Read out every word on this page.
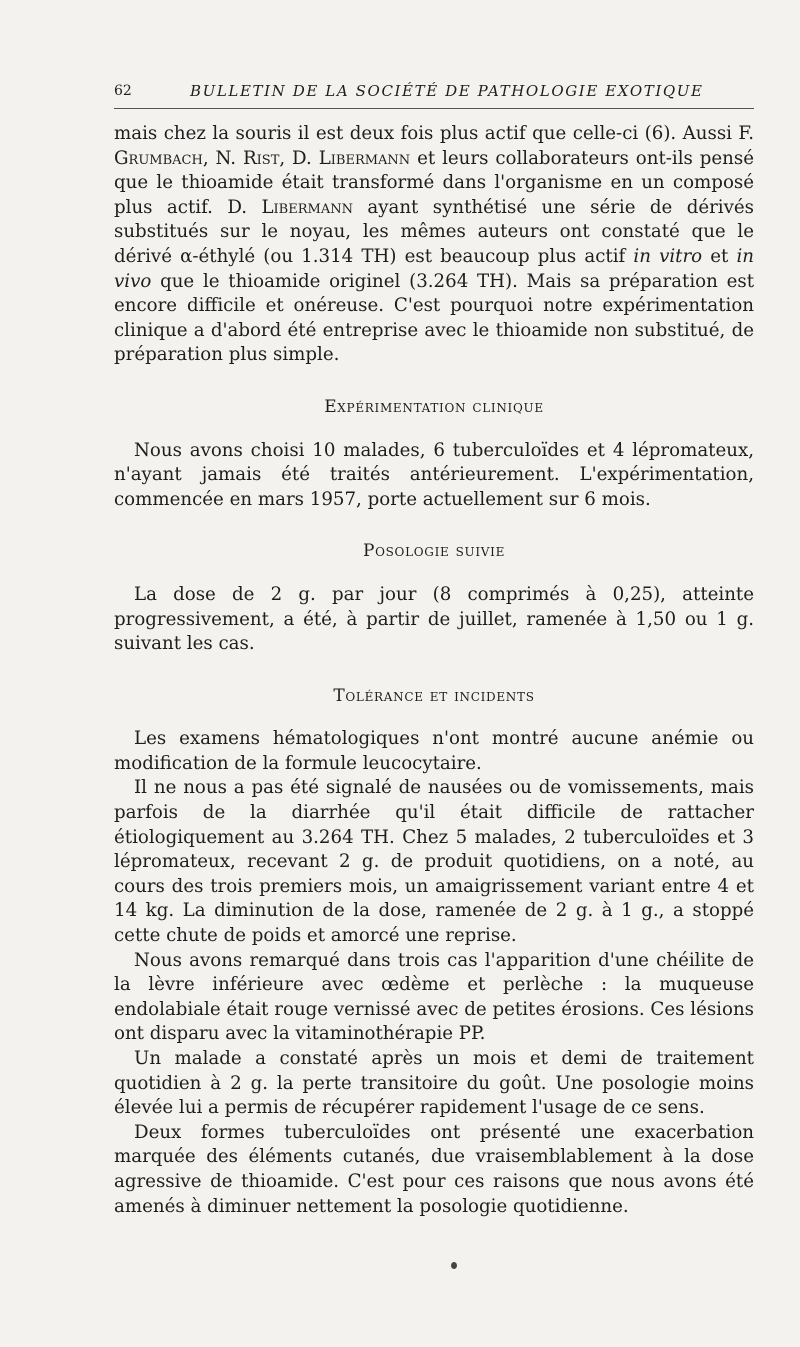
62	BULLETIN DE LA SOCIÉTÉ DE PATHOLOGIE EXOTIQUE

mais chez la souris il est deux fois plus actif que celle-ci (6). Aussi F. Grumbach, N. Rist, D. Libermann et leurs collaborateurs ont-ils pensé que le thioamide était transformé dans l'organisme en un composé plus actif. D. Libermann ayant synthétisé une série de dérivés substitués sur le noyau, les mêmes auteurs ont constaté que le dérivé α-éthylé (ou 1.314 TH) est beaucoup plus actif in vitro et in vivo que le thioamide originel (3.264 TH). Mais sa préparation est encore difficile et onéreuse. C'est pourquoi notre expérimentation clinique a d'abord été entreprise avec le thioamide non substitué, de préparation plus simple.

Expérimentation clinique

Nous avons choisi 10 malades, 6 tuberculoïdes et 4 lépromateux, n'ayant jamais été traités antérieurement. L'expérimentation, commencée en mars 1957, porte actuellement sur 6 mois.

Posologie suivie

La dose de 2 g. par jour (8 comprimés à 0,25), atteinte progressivement, a été, à partir de juillet, ramenée à 1,50 ou 1 g. suivant les cas.

Tolérance et incidents

Les examens hématologiques n'ont montré aucune anémie ou modification de la formule leucocytaire.

Il ne nous a pas été signalé de nausées ou de vomissements, mais parfois de la diarrhée qu'il était difficile de rattacher étiologiquement au 3.264 TH. Chez 5 malades, 2 tuberculoïdes et 3 lépromateux, recevant 2 g. de produit quotidiens, on a noté, au cours des trois premiers mois, un amaigrissement variant entre 4 et 14 kg. La diminution de la dose, ramenée de 2 g. à 1 g., a stoppé cette chute de poids et amorcé une reprise.

Nous avons remarqué dans trois cas l'apparition d'une chéilite de la lèvre inférieure avec œdème et perlèche : la muqueuse endolabiale était rouge vernissé avec de petites érosions. Ces lésions ont disparu avec la vitaminothérapie PP.

Un malade a constaté après un mois et demi de traitement quotidien à 2 g. la perte transitoire du goût. Une posologie moins élevée lui a permis de récupérer rapidement l'usage de ce sens.

Deux formes tuberculoïdes ont présenté une exacerbation marquée des éléments cutanés, due vraisemblablement à la dose agressive de thioamide. C'est pour ces raisons que nous avons été amenés à diminuer nettement la posologie quotidienne.
